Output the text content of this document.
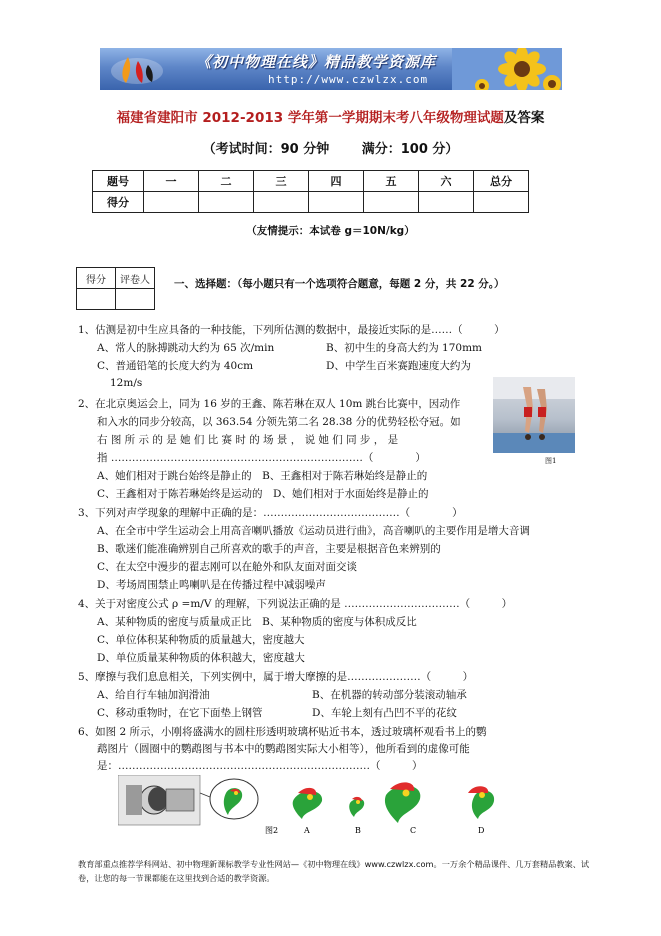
《初中物理在线》精品教学资源库
http://www.czwlzx.com
福建省建阳市 2012-2013 学年第一学期期末考八年级物理试题及答案
（考试时间：90 分钟	满分：100 分）
题号	一	二	三	四	五	六	总分
得分							
（友情提示：本试卷 g＝10N/kg）
得分	评卷人
	一、选择题：（每小题只有一个选项符合题意，每题 2 分，共 22 分。）
1、估测是初中生应具备的一种技能，下列所估测的数据中，最接近实际的是……（　　　）
A、常人的脉搏跳动大约为 65 次/min	B、初中生的身高大约为 170mm
C、普通铅笔的长度大约为 40cm	D、中学生百米赛跑速度大约为
12m/s
2、在北京奥运会上，同为 16 岁的王鑫、陈若琳在双人 10m 跳台比赛中，因动作
和入水的同步分较高，以 363.54 分领先第二名 28.38 分的优势轻松夺冠。如
右 图 所 示 的 是 她 们 比 赛 时 的 场 景 ， 说 她 们 同 步 ， 是
指 ………………………………………………………………（　　　　）
A、她们相对于跳台始终是静止的　B、王鑫相对于陈若琳始终是静止的
C、王鑫相对于陈若琳始终是运动的　D、她们相对于水面始终是静止的
图1
3、下列对声学现象的理解中正确的是：…………………………………（　　　　）
A、在全市中学生运动会上用高音喇叭播放《运动员进行曲》，高音喇叭的主要作用是增大音调
B、歌迷们能准确辨别自己所喜欢的歌手的声音，主要是根据音色来辨别的
C、在太空中漫步的翟志刚可以在舱外和队友面对面交谈
D、考场周围禁止鸣喇叭是在传播过程中减弱噪声
4、关于对密度公式 ρ =m/V 的理解，下列说法正确的是 ……………………………（　　　）
A、某种物质的密度与质量成正比　B、某种物质的密度与体积成反比
C、单位体积某种物质的质量越大，密度越大
D、单位质量某种物质的体积越大，密度越大
5、摩擦与我们息息相关，下列实例中，属于增大摩擦的是…………………（　　　）
A、给自行车轴加润滑油	B、在机器的转动部分装滚动轴承
C、移动重物时，在它下面垫上钢管	D、车轮上刻有凸凹不平的花纹
6、如图 2 所示，小刚将盛满水的圆柱形透明玻璃杯贴近书本，透过玻璃杯观看书上的鹦
鹉图片（圆圈中的鹦鹉图与书本中的鹦鹉图实际大小相等），他所看到的虚像可能
是：………………………………………………………………（　　　）
图2	A	B	C	D
教育部重点推荐学科网站、初中物理新课标教学专业性网站—《初中物理在线》www.czwlzx.com。一万余个精品课件、几万套精品教案、试卷，让您的每一节课都能在这里找到合适的教学资源。
